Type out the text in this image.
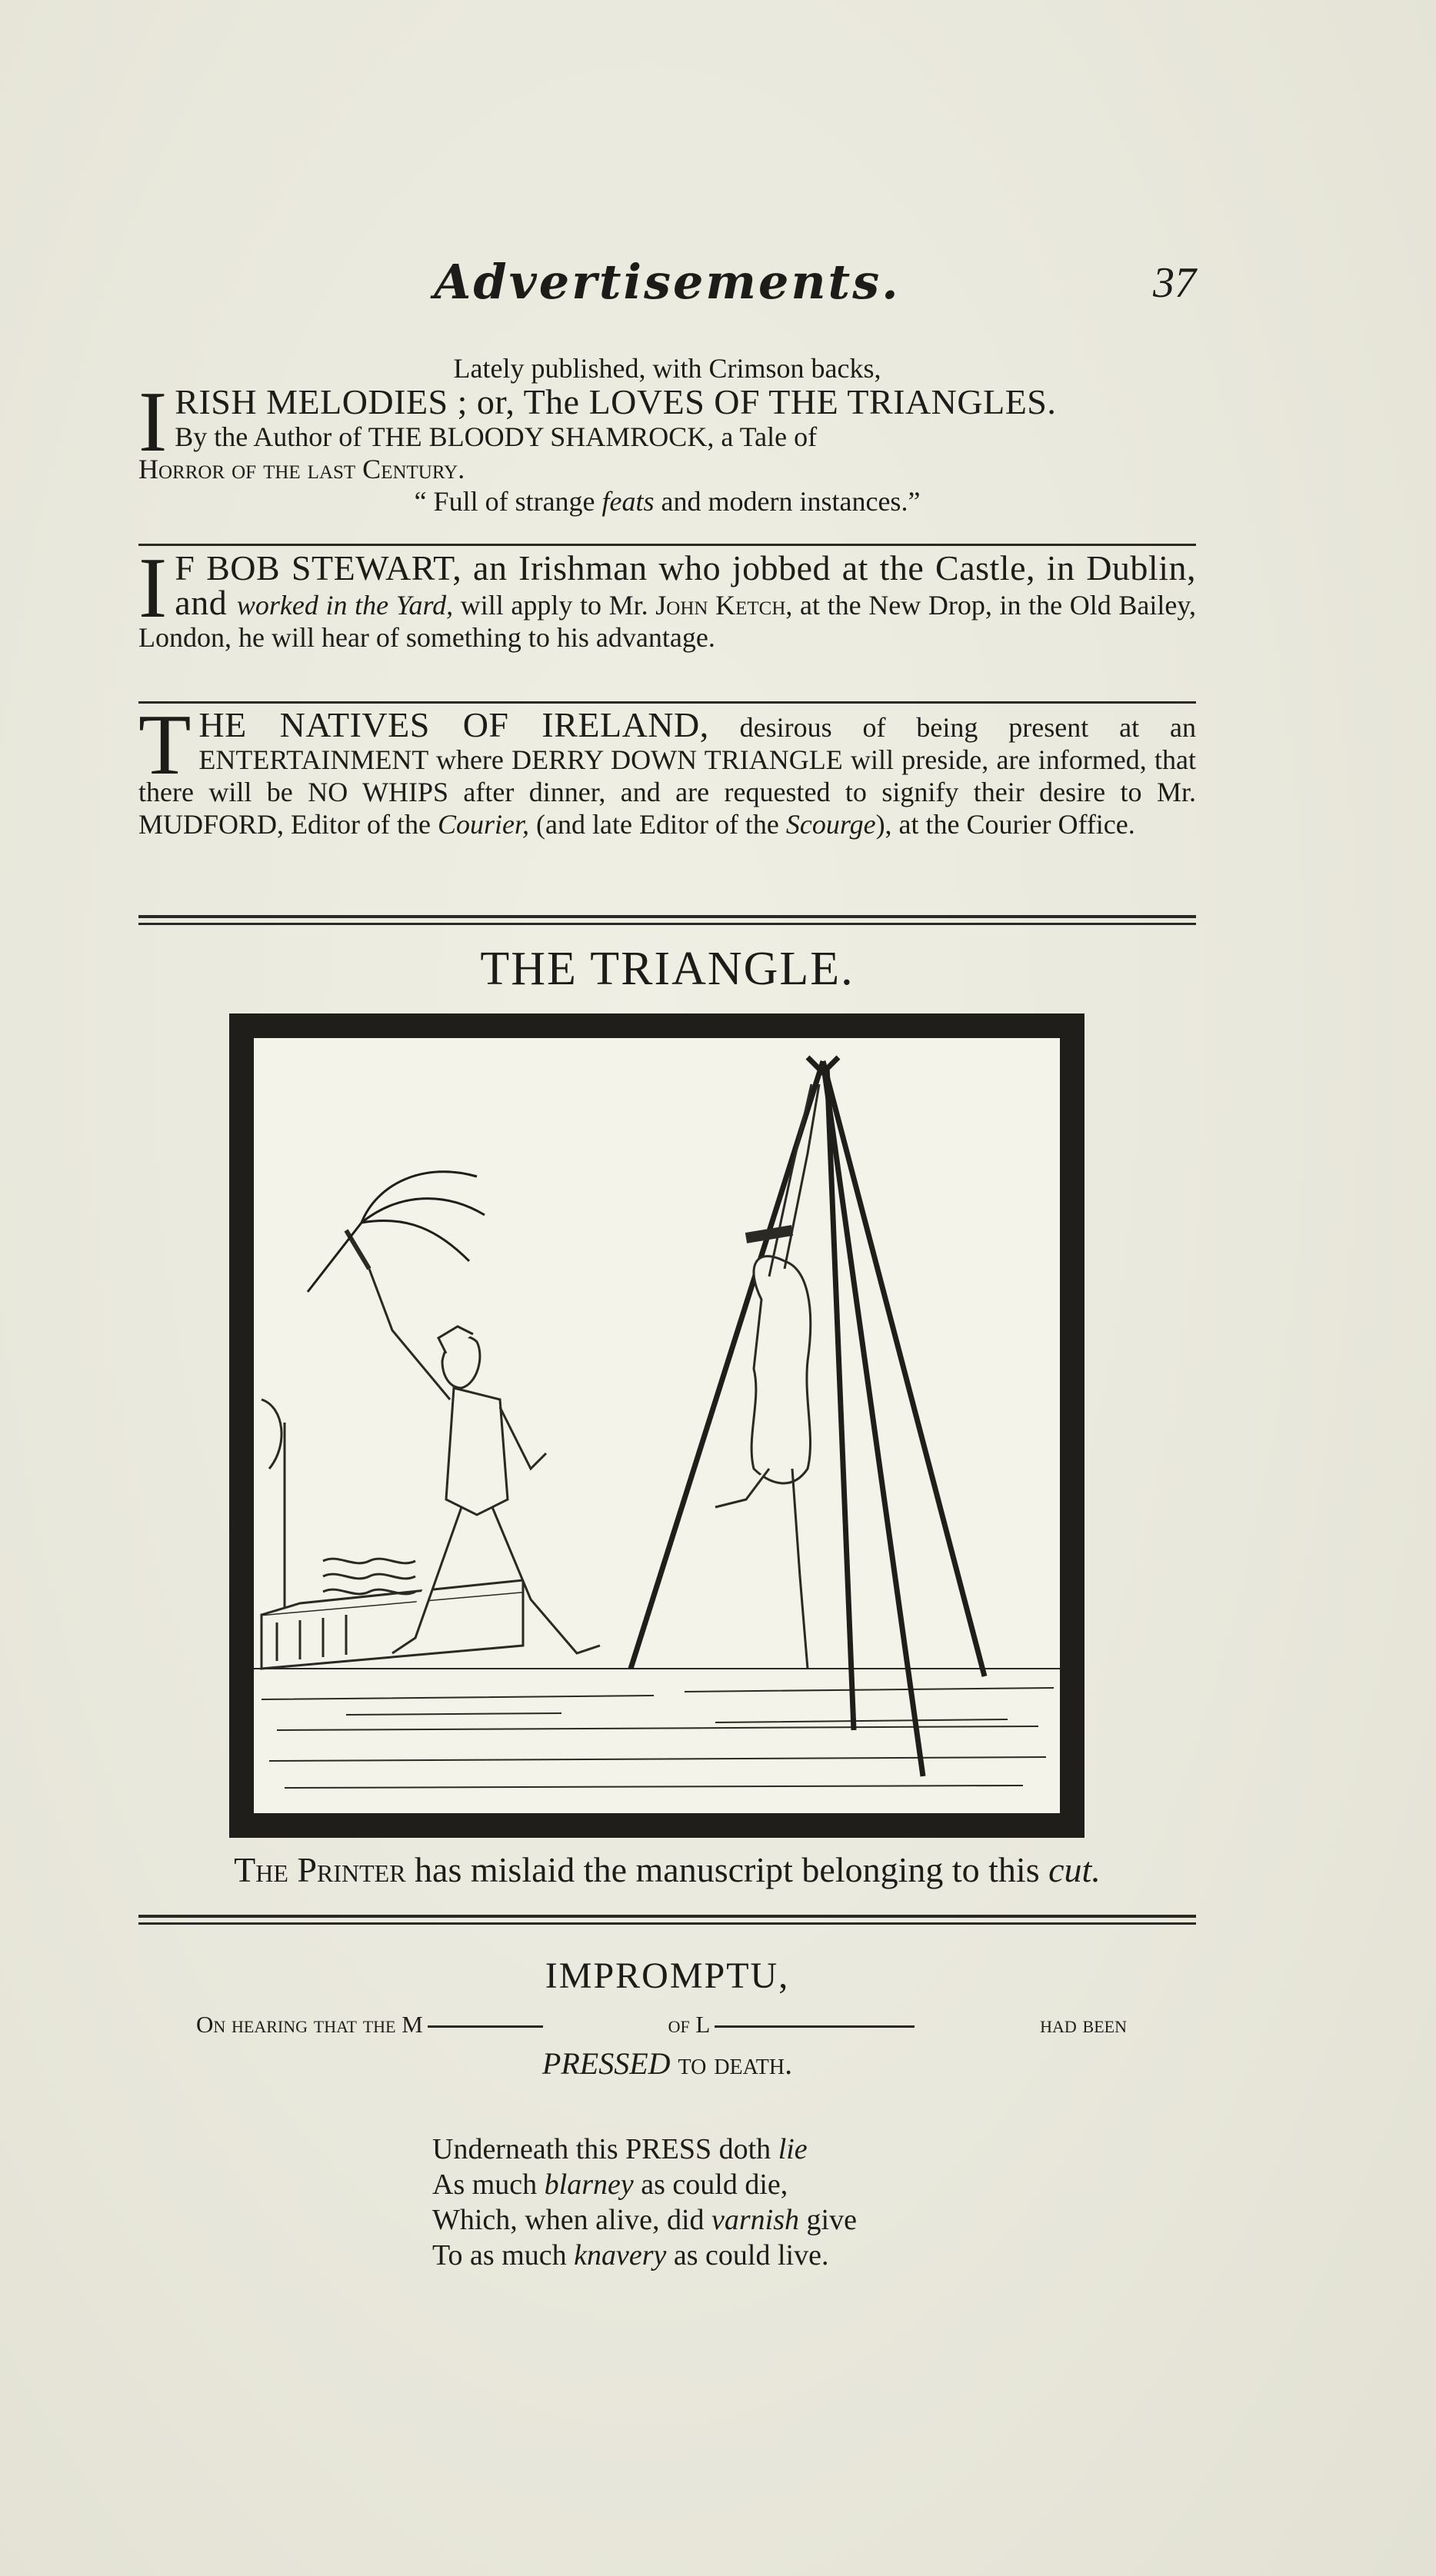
Advertisements.	37

Lately published, with Crimson backs,

I RISH MELODIES ; or, The LOVES OF THE TRIANGLES.
By the Author of THE BLOODY SHAMROCK, a Tale of
Horror of the last Century.

“ Full of strange feats and modern instances.”

I F BOB STEWART, an Irishman who jobbed at the Castle, in Dublin, and worked in the Yard, will apply to Mr. John Ketch, at the New Drop, in the Old Bailey, London, he will hear of something to his advantage.
T HE NATIVES OF IRELAND, desirous of being present at an ENTERTAINMENT where DERRY DOWN TRIANGLE will preside, are informed, that there will be NO WHIPS after dinner, and are requested to signify their desire to Mr. MUDFORD, Editor of the Courier, (and late Editor of the Scourge), at the Courier Office.
THE TRIANGLE.
The Printer has mislaid the manuscript belonging to this cut.
IMPROMPTU,
On hearing that the M	of L	had been
PRESSED to death.
Underneath this PRESS doth lie
As much blarney as could die,
Which, when alive, did varnish give
To as much knavery as could live.
